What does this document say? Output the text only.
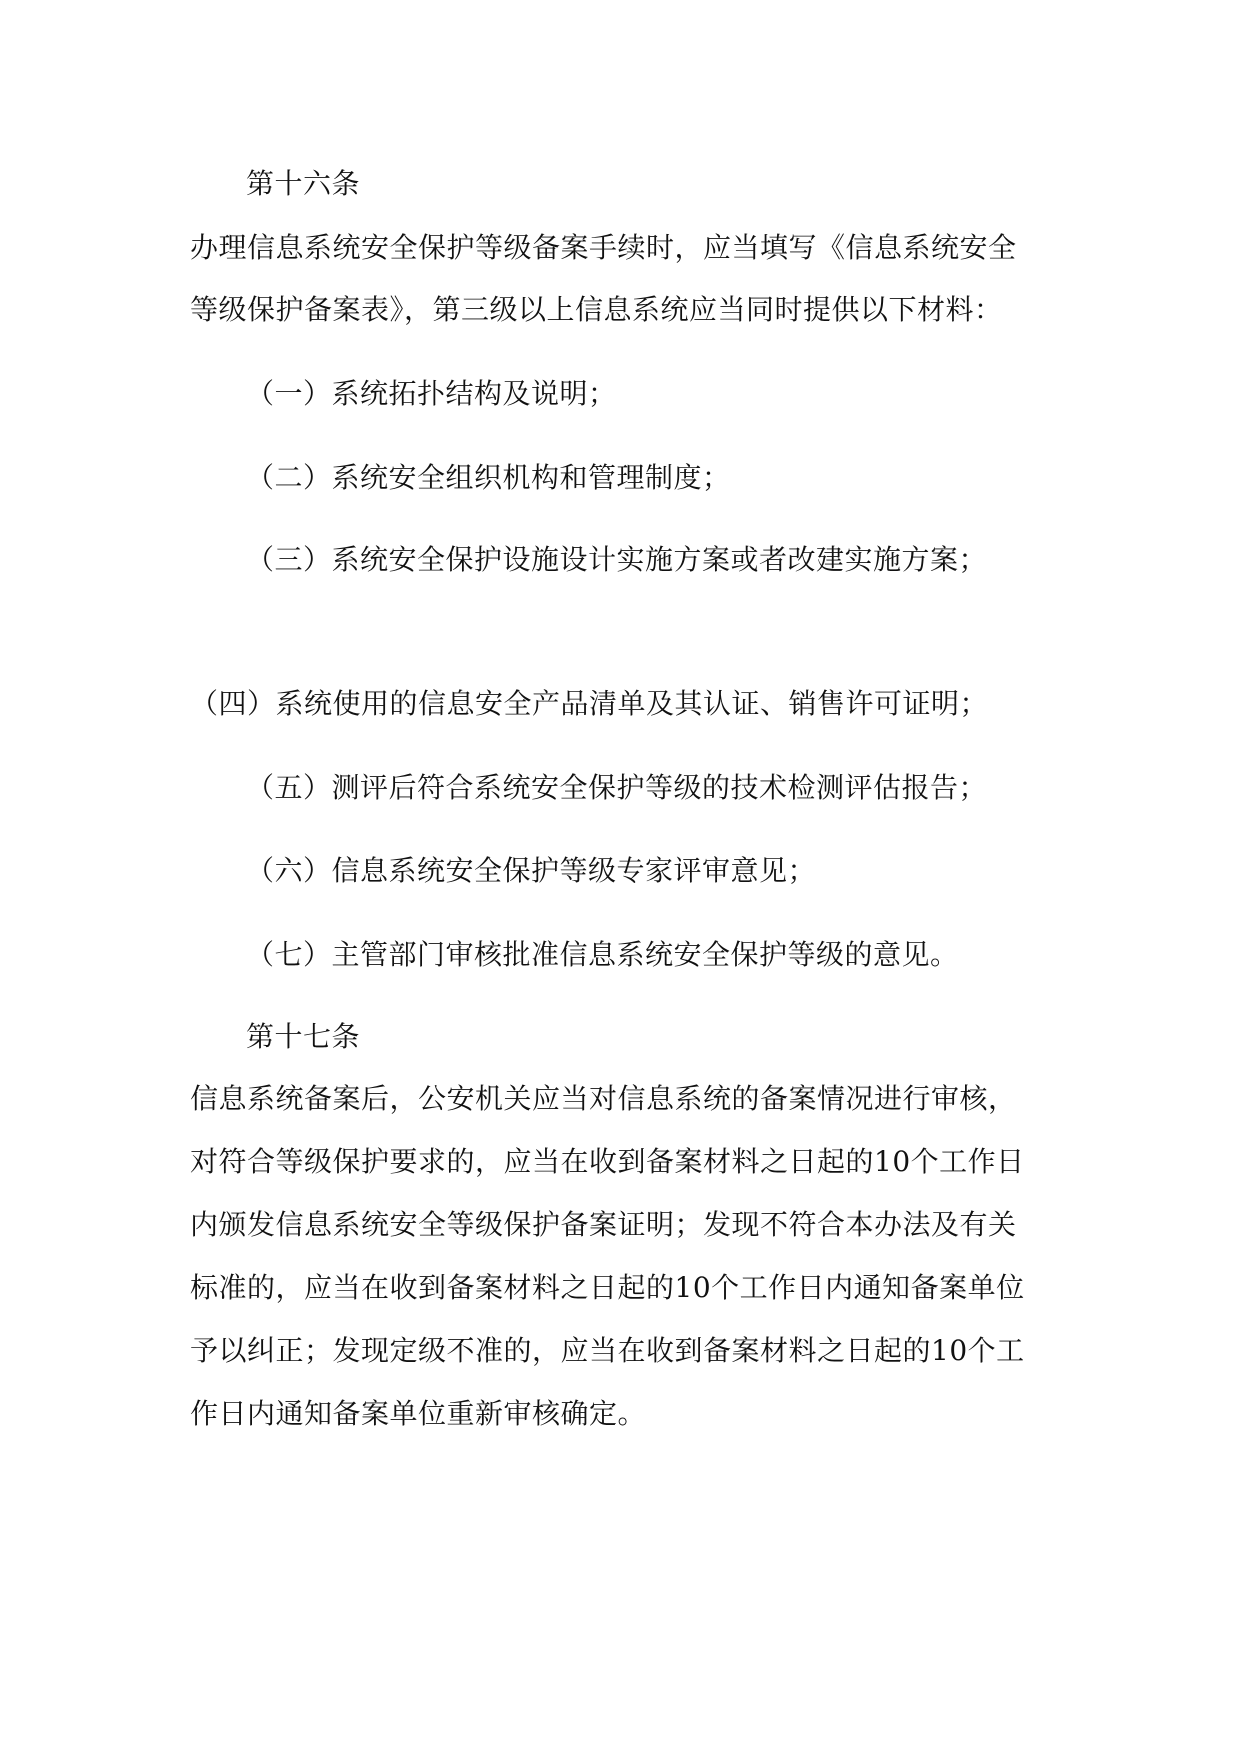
第十六条
办理信息系统安全保护等级备案手续时，应当填写《信息系统安全
等级保护备案表》，第三级以上信息系统应当同时提供以下材料：
（一）系统拓扑结构及说明；
（二）系统安全组织机构和管理制度；
（三）系统安全保护设施设计实施方案或者改建实施方案；
（四）系统使用的信息安全产品清单及其认证、销售许可证明；
（五）测评后符合系统安全保护等级的技术检测评估报告；
（六）信息系统安全保护等级专家评审意见；
（七）主管部门审核批准信息系统安全保护等级的意见。
第十七条
信息系统备案后，公安机关应当对信息系统的备案情况进行审核，
对符合等级保护要求的，应当在收到备案材料之日起的10个工作日
内颁发信息系统安全等级保护备案证明；发现不符合本办法及有关
标准的，应当在收到备案材料之日起的10个工作日内通知备案单位
予以纠正；发现定级不准的，应当在收到备案材料之日起的10个工
作日内通知备案单位重新审核确定。
